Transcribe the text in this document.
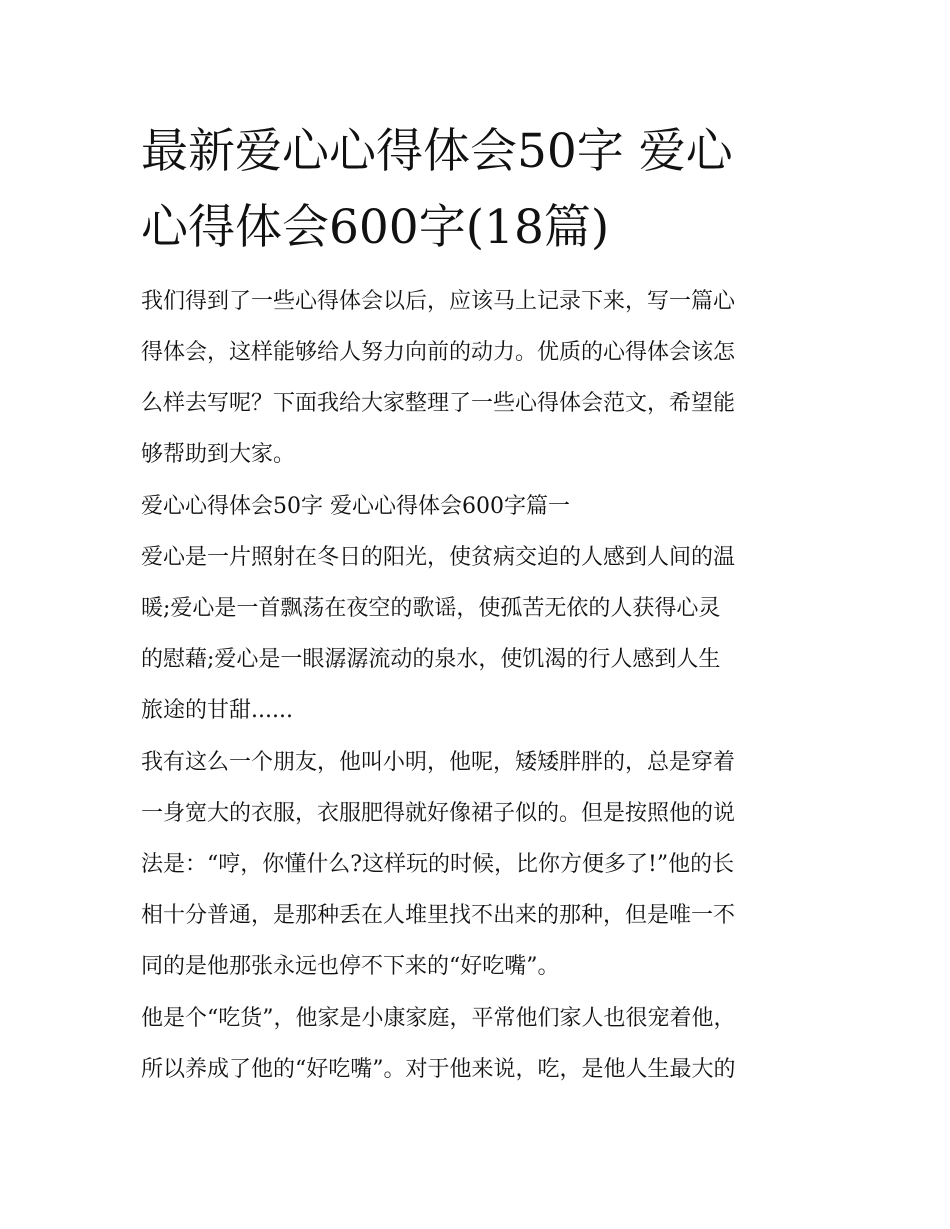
最新爱心心得体会50字 爱心
心得体会600字(18篇)
我们得到了一些心得体会以后，应该马上记录下来，写一篇心
得体会，这样能够给人努力向前的动力。优质的心得体会该怎
么样去写呢？下面我给大家整理了一些心得体会范文，希望能
够帮助到大家。
爱心心得体会50字 爱心心得体会600字篇一
爱心是一片照射在冬日的阳光，使贫病交迫的人感到人间的温
暖;爱心是一首飘荡在夜空的歌谣，使孤苦无依的人获得心灵
的慰藉;爱心是一眼潺潺流动的泉水，使饥渴的行人感到人生
旅途的甘甜......
我有这么一个朋友，他叫小明，他呢，矮矮胖胖的，总是穿着
一身宽大的衣服，衣服肥得就好像裙子似的。但是按照他的说
法是：“哼，你懂什么?这样玩的时候，比你方便多了!”他的长
相十分普通，是那种丢在人堆里找不出来的那种，但是唯一不
同的是他那张永远也停不下来的“好吃嘴”。
他是个“吃货”，他家是小康家庭，平常他们家人也很宠着他，
所以养成了他的“好吃嘴”。对于他来说，吃，是他人生最大的
